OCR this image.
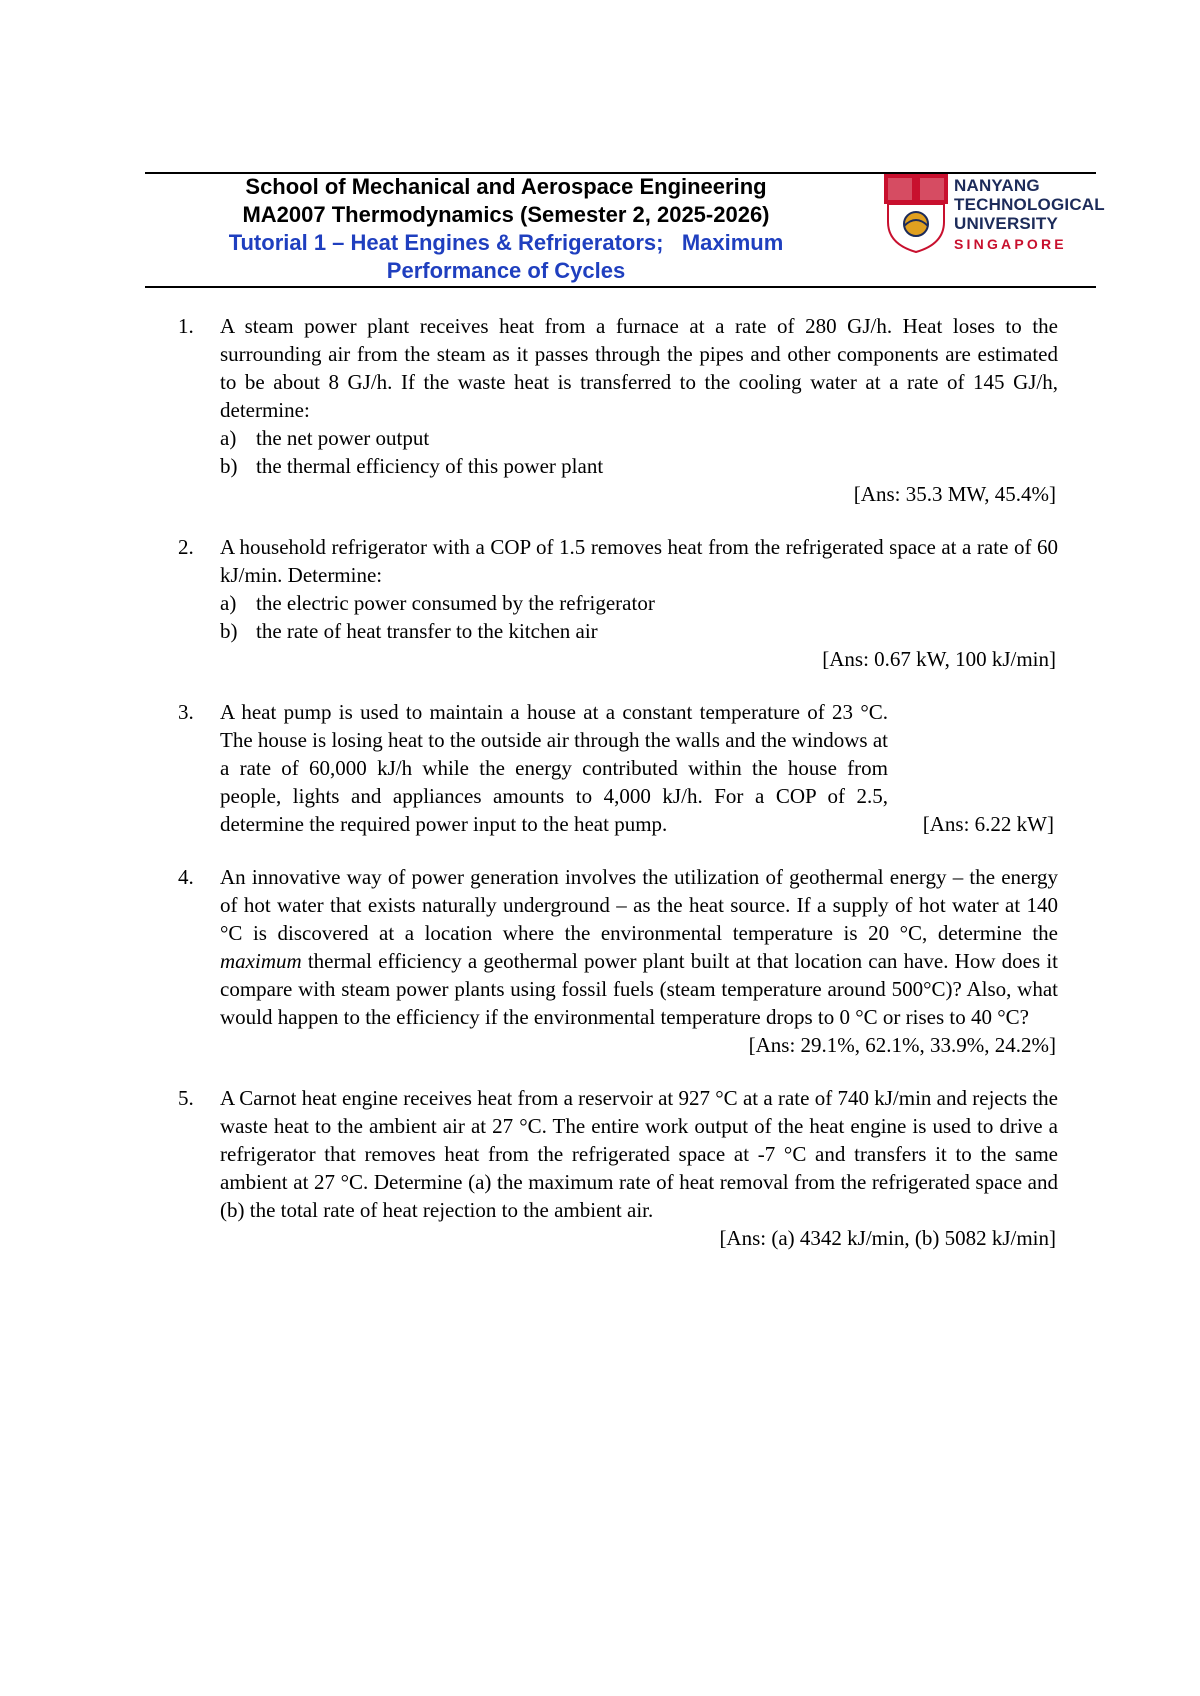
School of Mechanical and Aerospace Engineering
MA2007 Thermodynamics (Semester 2, 2025-2026)
Tutorial 1 – Heat Engines & Refrigerators;   Maximum
Performance of Cycles
NANYANG
TECHNOLOGICAL
UNIVERSITY
SINGAPORE
1. A steam power plant receives heat from a furnace at a rate of 280 GJ/h. Heat loses to the surrounding air from the steam as it passes through the pipes and other components are estimated to be about 8 GJ/h. If the waste heat is transferred to the cooling water at a rate of 145 GJ/h, determine:
a) the net power output
b) the thermal efficiency of this power plant
[Ans: 35.3 MW, 45.4%]
2. A household refrigerator with a COP of 1.5 removes heat from the refrigerated space at a rate of 60 kJ/min. Determine:
a) the electric power consumed by the refrigerator
b) the rate of heat transfer to the kitchen air
[Ans: 0.67 kW, 100 kJ/min]
3. A heat pump is used to maintain a house at a constant temperature of 23 °C. The house is losing heat to the outside air through the walls and the windows at a rate of 60,000 kJ/h while the energy contributed within the house from people, lights and appliances amounts to 4,000 kJ/h. For a COP of 2.5, determine the required power input to the heat pump.	[Ans: 6.22 kW]
4. An innovative way of power generation involves the utilization of geothermal energy – the energy of hot water that exists naturally underground – as the heat source. If a supply of hot water at 140 °C is discovered at a location where the environmental temperature is 20 °C, determine the maximum thermal efficiency a geothermal power plant built at that location can have. How does it compare with steam power plants using fossil fuels (steam temperature around 500°C)? Also, what would happen to the efficiency if the environmental temperature drops to 0 °C or rises to 40 °C?
[Ans: 29.1%, 62.1%, 33.9%, 24.2%]
5. A Carnot heat engine receives heat from a reservoir at 927 °C at a rate of 740 kJ/min and rejects the waste heat to the ambient air at 27 °C. The entire work output of the heat engine is used to drive a refrigerator that removes heat from the refrigerated space at -7 °C and transfers it to the same ambient at 27 °C. Determine (a) the maximum rate of heat removal from the refrigerated space and (b) the total rate of heat rejection to the ambient air.
[Ans: (a) 4342 kJ/min, (b) 5082 kJ/min]
